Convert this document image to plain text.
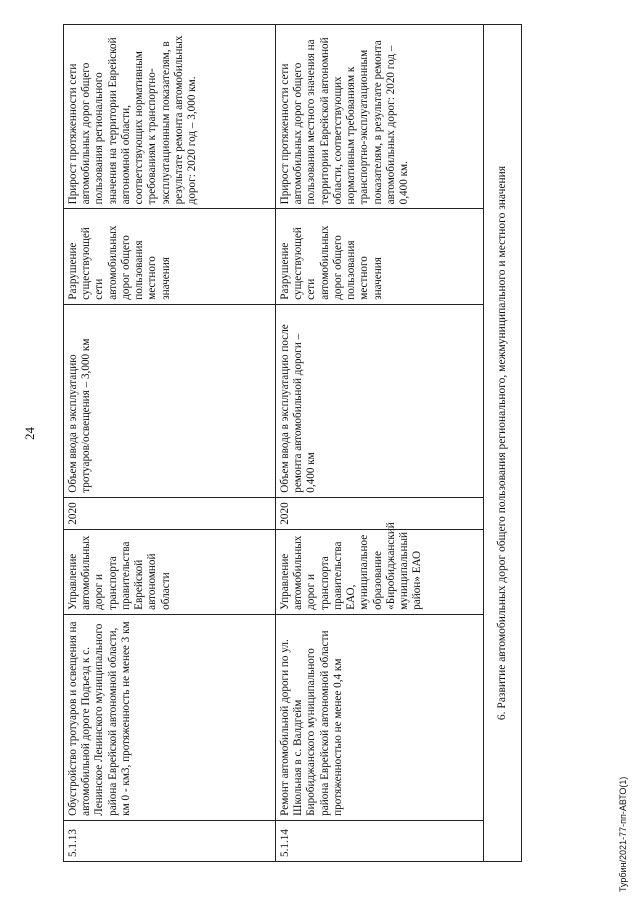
24
5.1.13	Обустройство тротуаров и освещения на автомобильной дороге Подъезд к с. Ленинское Ленинского муниципального района Еврейской автономной области, км 0 - км3, протяженность не менее 3 км	Управление автомобильных дорог и транспорта правительства Еврейской автономной области	2020	Объем ввода в эксплуатацию тротуаров/освещения – 3,000 км	Разрушение существующей сети автомобильных дорог общего пользования местного значения	Прирост протяженности сети автомобильных дорог общего пользования регионального значения на территории Еврейской автономной области, соответствующих нормативным требованиям к транспортно-эксплуатационным показателям, в результате ремонта автомобильных дорог: 2020 год – 3,000 км.
5.1.14	Ремонт автомобильной дороги по ул. Школьная в с. Валдгейм Биробиджанского муниципального района Еврейской автономной области протяженностью не менее 0,4 км	Управление автомобильных дорог и транспорта правительства ЕАО, муниципальное образование «Биробиджанский муниципальный район» ЕАО	2020	Объем ввода в эксплуатацию после ремонта автомобильной дороги – 0,400 км	Разрушение существующей сети автомобильных дорог общего пользования местного значения	Прирост протяженности сети автомобильных дорог общего пользования местного значения на территории Еврейской автономной области, соответствующих нормативным требованиям к транспортно-эксплуатационным показателям, в результате ремонта автомобильных дорог: 2020 год – 0,400 км.
6. Развитие автомобильных дорог общего пользования регионального, межмуниципального и местного значения						
Турбин/2021-77-пп-АВТО(1)
